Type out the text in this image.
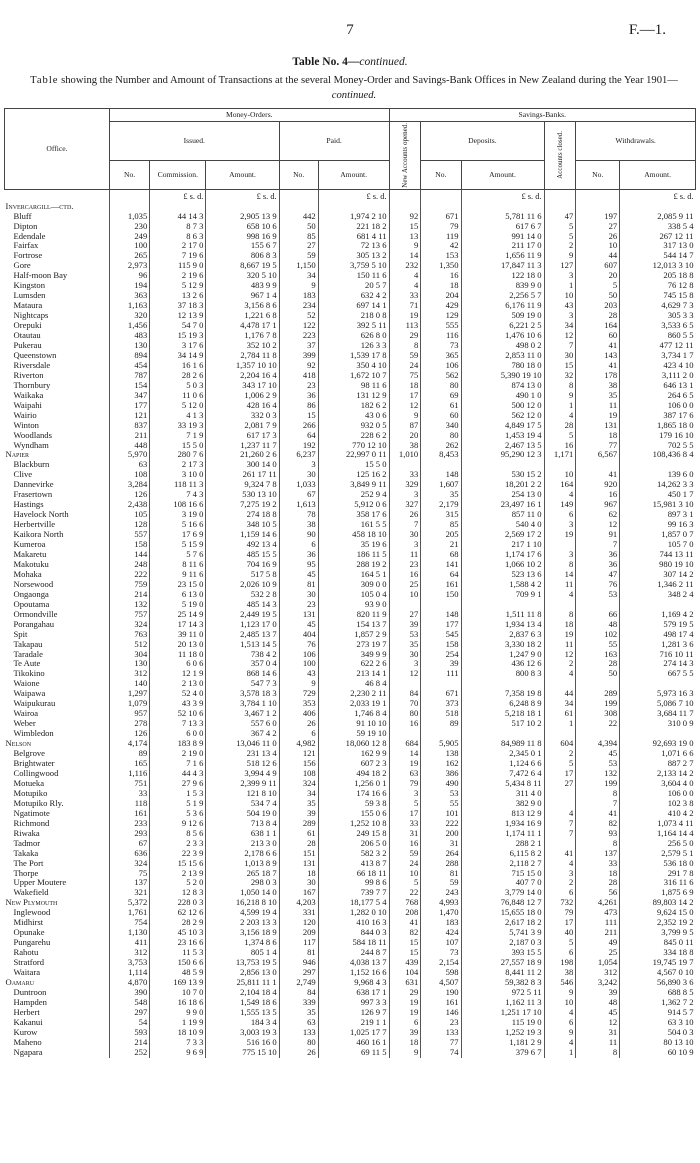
7	F.—1.
Table No. 4—continued.
Table showing the Number and Amount of Transactions at the several Money-Order and Savings-Bank Offices in New Zealand during the Year 1901—continued.
Office.	Money-Orders.					Savings-Banks.					
	Issued.			Paid.		New Accounts opened.	Deposits.		Accounts closed.	Withdrawals.	
	No.	Commission.	Amount.	No.	Amount.		No.	Amount.		No.	Amount.
		£ s. d.	£ s. d.		£ s. d.			£ s. d.			£ s. d.
Invercargill—ctd.											
Bluff	1,035	44 14 3	2,905 13 9	442	1,974 2 10	92	671	5,781 11 6	47	197	2,085 9 11
Dipton	230	8 7 3	658 10 6	50	221 18 2	15	79	617 6 7	5	27	338 5 4
Edendale	249	8 6 3	998 16 9	85	681 4 11	13	119	991 14 0	5	26	267 12 11
Fairfax	100	2 17 0	155 6 7	27	72 13 6	9	42	211 17 0	2	10	317 13 0
Fortrose	265	7 19 6	806 8 3	59	305 13 2	14	153	1,656 11 9	9	44	544 14 7
Gore	2,973	115 9 0	8,667 19 5	1,150	3,759 5 10	232	1,350	17,847 11 3	127	607	12,013 3 10
Half-moon Bay	96	2 19 6	320 5 10	34	150 11 6	4	16	122 18 0	3	20	205 18 8
Kingston	194	5 12 9	483 9 9	9	20 5 7	4	18	839 9 0	1	5	76 12 8
Lumsden	363	13 2 6	967 1 4	183	632 4 2	33	204	2,256 5 7	10	50	745 15 8
Mataura	1,163	37 18 3	3,156 8 6	234	697 14 1	71	429	6,176 11 9	43	203	4,629 7 3
Nightcaps	320	12 13 9	1,221 6 8	52	218 0 8	19	129	509 19 0	3	28	305 3 3
Orepuki	1,456	54 7 0	4,478 17 1	122	392 5 11	113	555	6,221 2 5	34	164	3,533 6 5
Otautau	483	15 19 3	1,176 7 8	223	626 8 0	29	116	1,476 10 6	12	60	860 5 5
Pukerau	130	3 17 6	352 10 2	37	126 3 3	8	73	498 0 2	7	41	477 12 11
Queenstown	894	34 14 9	2,784 11 8	399	1,539 17 8	59	365	2,853 11 0	30	143	3,734 1 7
Riversdale	454	16 1 6	1,357 10 10	92	350 4 10	24	106	780 18 0	15	41	423 4 10
Riverton	787	28 2 6	2,204 16 4	418	1,672 10 7	75	562	5,390 19 10	32	178	3,111 2 0
Thornbury	154	5 0 3	343 17 10	23	98 11 6	18	80	874 13 0	8	38	646 13 1
Waikaka	347	11 0 6	1,006 2 9	36	131 12 9	17	69	490 1 0	9	35	264 6 5
Waipahi	177	5 12 0	428 16 4	86	182 6 2	12	61	500 12 0	1	11	106 0 0
Wairio	121	4 1 3	332 0 3	15	43 0 6	9	60	562 12 0	4	19	387 17 6
Winton	837	33 19 3	2,081 7 9	266	932 0 5	87	340	4,849 17 5	28	131	1,865 18 0
Woodlands	211	7 1 9	617 17 3	64	228 6 2	20	80	1,453 19 4	5	18	179 16 10
Wyndham	448	15 5 0	1,237 11 7	192	770 12 10	38	262	2,467 13 5	16	77	702 5 5
Napier	5,970	280 7 6	21,260 2 6	6,237	22,997 0 11	1,010	8,453	95,290 12 3	1,171	6,567	108,436 8 4
Blackburn	63	2 17 3	300 14 0	3	15 5 0						
Clive	108	3 10 0	261 17 11	30	125 16 2	33	148	530 15 2	10	41	139 6 0
Dannevirke	3,284	118 11 3	9,324 7 8	1,033	3,849 9 11	329	1,607	18,201 2 2	164	920	14,262 3 3
Frasertown	126	7 4 3	530 13 10	67	252 9 4	3	35	254 13 0	4	16	450 1 7
Hastings	2,438	108 16 6	7,275 19 2	1,613	5,912 0 6	327	2,179	23,497 16 1	149	967	15,981 3 10
Havelock North	105	3 19 0	274 18 8	78	358 17 6	26	315	857 11 0	6	62	897 3 1
Herbertville	128	5 16 6	348 10 5	38	161 5 5	7	85	540 4 0	3	12	99 16 3
Kaikora North	557	17 6 9	1,159 14 6	90	458 18 10	30	205	2,569 17 2	19	91	1,857 0 7
Kumeroa	158	5 15 9	492 13 4	6	35 19 6	3	21	217 1 10		7	105 7 0
Makaretu	144	5 7 6	485 15 5	36	186 11 5	11	68	1,174 17 6	3	36	744 13 11
Makotuku	248	8 11 6	704 16 9	95	288 19 2	23	141	1,066 10 2	8	36	980 19 10
Mohaka	222	9 11 6	517 5 8	45	164 5 1	16	64	523 13 6	14	47	307 14 2
Norsewood	759	23 15 0	2,026 10 9	81	309 0 0	25	161	1,588 4 2	11	76	1,346 2 11
Ongaonga	214	6 13 0	532 2 8	30	105 0 4	10	150	709 9 1	4	53	348 2 4
Opoutama	132	5 19 0	485 14 3	23	93 9 0						
Ormondville	757	25 14 9	2,449 19 5	131	820 11 9	27	148	1,511 11 8	8	66	1,169 4 2
Porangahau	324	17 14 3	1,123 17 0	45	154 13 7	39	177	1,934 13 4	18	48	579 19 5
Spit	763	39 11 0	2,485 13 7	404	1,857 2 9	53	545	2,837 6 3	19	102	498 17 4
Takapau	512	20 13 0	1,513 14 5	76	273 19 7	35	158	3,330 18 2	11	55	1,281 3 6
Taradale	304	11 18 0	738 4 2	106	349 9 9	30	254	1,247 9 0	12	163	716 10 11
Te Aute	130	6 0 6	357 0 4	100	622 2 6	3	39	436 12 6	2	28	274 14 3
Tikokino	312	12 1 9	868 14 6	43	213 14 1	12	111	800 8 3	4	50	667 5 5
Waione	140	2 13 0	547 7 3	9	46 8 4						
Waipawa	1,297	52 4 0	3,578 18 3	729	2,230 2 11	84	671	7,358 19 8	44	289	5,973 16 3
Waipukurau	1,079	43 3 9	3,784 1 10	353	2,033 19 1	70	373	6,248 8 9	34	199	5,086 7 10
Wairoa	957	52 10 6	3,467 1 2	406	1,746 8 4	80	518	5,218 18 1	61	308	3,684 11 7
Weber	278	7 13 3	557 6 0	26	91 10 10	16	89	517 10 2	1	22	310 0 9
Wimbledon	126	6 0 0	367 4 2	6	59 19 10						
Nelson	4,174	183 8 9	13,046 11 0	4,982	18,060 12 8	684	5,905	84,989 11 8	604	4,394	92,693 19 0
Belgrove	89	2 19 0	231 13 4	121	162 9 9	14	138	2,345 0 1	2	45	1,071 6 6
Brightwater	165	7 1 6	518 12 6	156	607 2 3	19	162	1,124 6 6	5	53	887 2 7
Collingwood	1,116	44 4 3	3,994 4 9	108	494 18 2	63	386	7,472 6 4	17	132	2,133 14 2
Motueka	751	27 9 6	2,399 9 11	324	1,256 0 1	79	490	5,434 8 11	27	199	3,604 4 0
Motupiko	33	1 5 3	121 8 10	34	174 16 6	3	53	311 4 0		8	106 0 0
Motupiko Rly.	118	5 1 9	534 7 4	35	59 3 8	5	55	382 9 0		7	102 3 8
Ngatimote	161	5 3 6	504 19 0	39	155 0 6	17	101	813 12 9	4	41	410 4 2
Richmond	233	9 12 6	713 8 4	289	1,252 10 8	33	222	1,934 16 9	7	82	1,073 4 11
Riwaka	293	8 5 6	638 1 1	61	249 15 8	31	200	1,174 11 1	7	93	1,164 14 4
Tadmor	67	2 3 3	213 3 0	28	206 5 0	16	31	288 2 1		8	256 5 0
Takaka	636	22 3 9	2,178 6 6	151	582 3 2	59	264	6,115 8 2	41	137	2,579 5 1
The Port	324	15 15 6	1,013 8 9	131	413 8 7	24	288	2,118 2 7	4	33	536 18 0
Thorpe	75	2 13 9	265 18 7	18	66 18 11	10	81	715 15 0	3	18	291 7 8
Upper Moutere	137	5 2 0	298 0 3	30	99 8 6	5	59	407 7 0	2	28	316 11 6
Wakefield	321	12 8 3	1,050 14 0	167	739 7 7	22	243	3,779 14 0	6	56	1,875 6 9
New Plymouth	5,372	228 0 3	16,218 8 10	4,203	18,177 5 4	768	4,993	76,848 12 7	732	4,261	89,803 14 2
Inglewood	1,761	62 12 6	4,599 19 4	331	1,282 0 10	208	1,470	15,655 18 0	79	473	9,624 15 0
Midhirst	754	28 2 9	2 203 13 3	120	410 16 3	41	183	2,617 18 2	17	111	2,352 19 2
Opunake	1,130	45 10 3	3,156 18 9	209	844 0 3	82	424	5,741 3 9	40	211	3,799 9 5
Pungarehu	411	23 16 6	1,374 8 6	117	584 18 11	15	107	2,187 0 3	5	49	845 0 11
Rahotu	312	11 5 3	805 1 4	81	244 8 7	15	73	393 15 5	6	25	334 18 8
Stratford	3,753	150 6 6	13,753 19 5	946	4,038 13 7	439	2,154	27,557 18 9	198	1,054	19,745 19 7
Waitara	1,114	48 5 9	2,856 13 0	297	1,152 16 6	104	598	8,441 11 2	38	312	4,567 0 10
Oamaru	4,870	169 13 9	25,811 11 1	2,749	9,968 4 3	631	4,507	59,382 8 3	546	3,242	56,890 3 6
Duntroon	390	10 7 0	2,104 18 4	84	638 17 1	29	190	972 5 11	9	39	688 8 5
Hampden	548	16 18 6	1,549 18 6	339	997 3 3	19	161	1,162 11 3	10	48	1,362 7 2
Herbert	297	9 9 0	1,555 13 5	35	126 9 7	19	146	1,251 17 10	4	45	914 5 7
Kakanui	54	1 19 9	184 3 4	63	219 1 1	6	23	115 19 0	6	12	63 3 10
Kurow	593	18 10 9	3,003 19 3	133	1,025 17 7	39	133	1,252 19 3	9	31	504 0 3
Maheno	214	7 3 3	516 16 0	80	460 16 1	18	77	1,181 2 9	4	11	80 13 10
Ngapara	252	9 6 9	775 15 10	26	69 11 5	9	74	379 6 7	1	8	60 10 9
